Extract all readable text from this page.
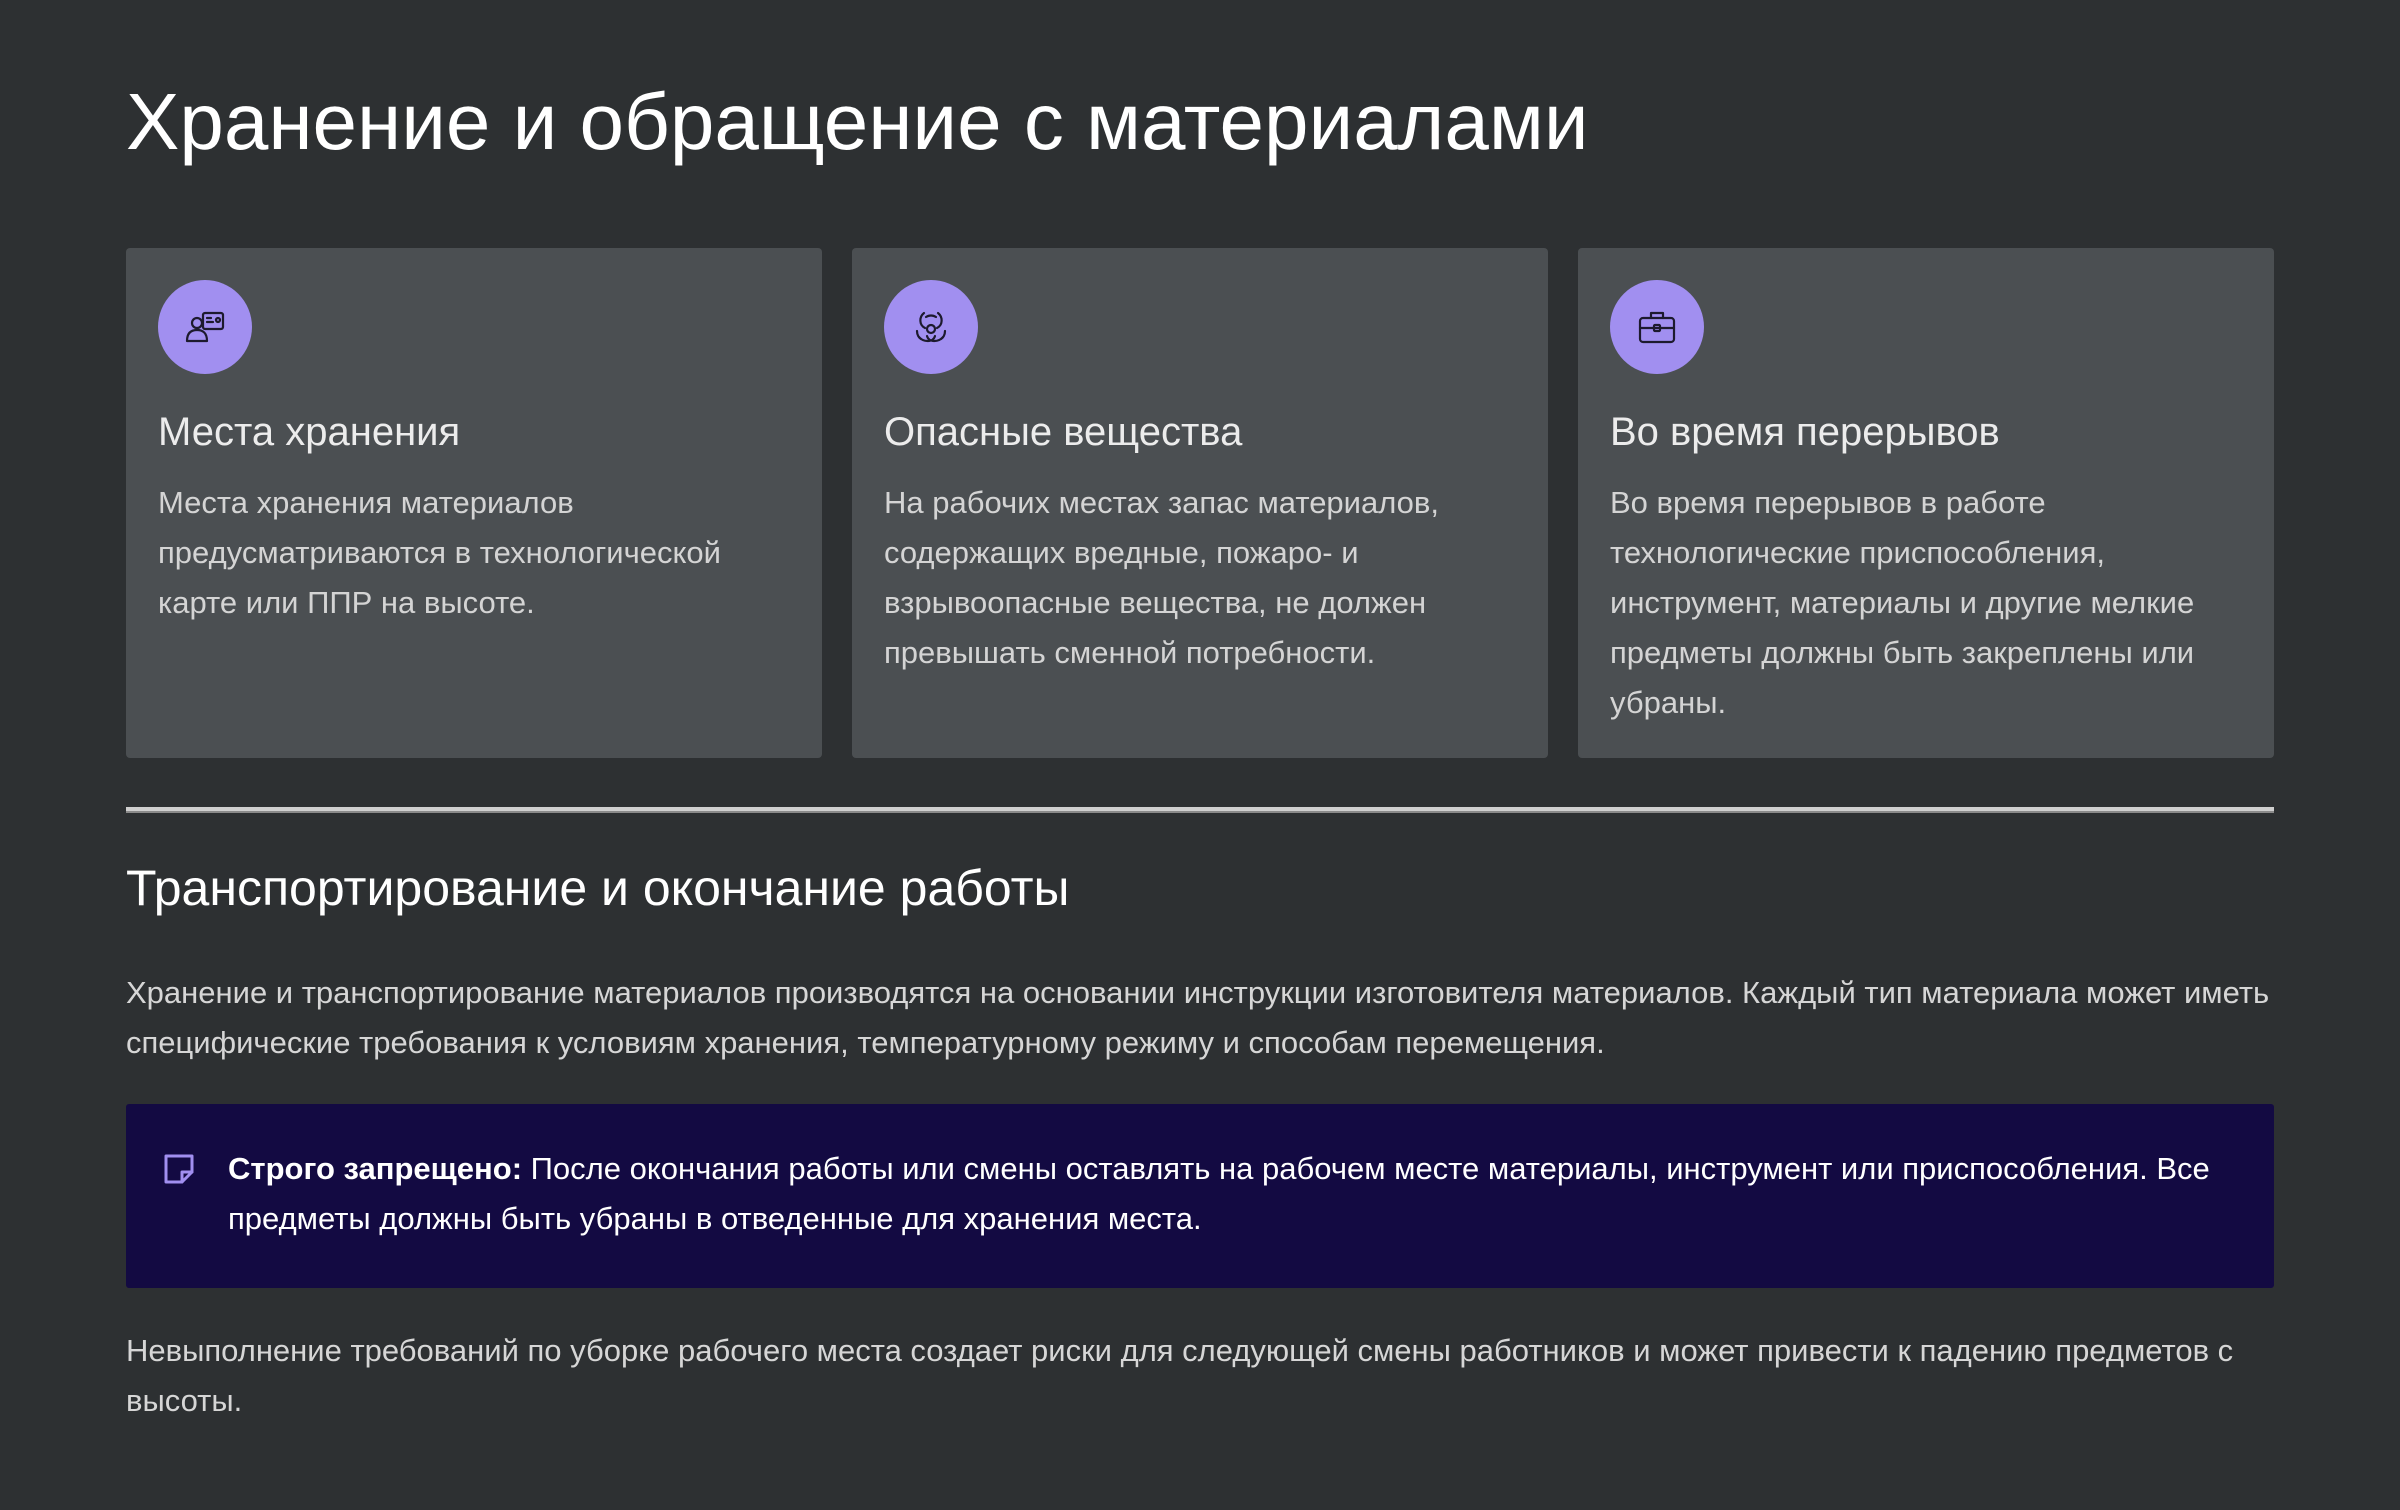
Хранение и обращение с материалами
Места хранения

Места хранения материалов предусматриваются в технологической карте или ППР на высоте.

Опасные вещества

На рабочих местах запас материалов, содержащих вредные, пожаро- и взрывоопасные вещества, не должен превышать сменной потребности.

Во время перерывов

Во время перерывов в работе технологические приспособления, инструмент, материалы и другие мелкие предметы должны быть закреплены или убраны.

Транспортирование и окончание работы

Хранение и транспортирование материалов производятся на основании инструкции изготовителя материалов. Каждый тип материала может иметь специфические требования к условиям хранения, температурному режиму и способам перемещения.

Строго запрещено: После окончания работы или смены оставлять на рабочем месте материалы, инструмент или приспособления. Все предметы должны быть убраны в отведенные для хранения места.

Невыполнение требований по уборке рабочего места создает риски для следующей смены работников и может привести к падению предметов с высоты.
